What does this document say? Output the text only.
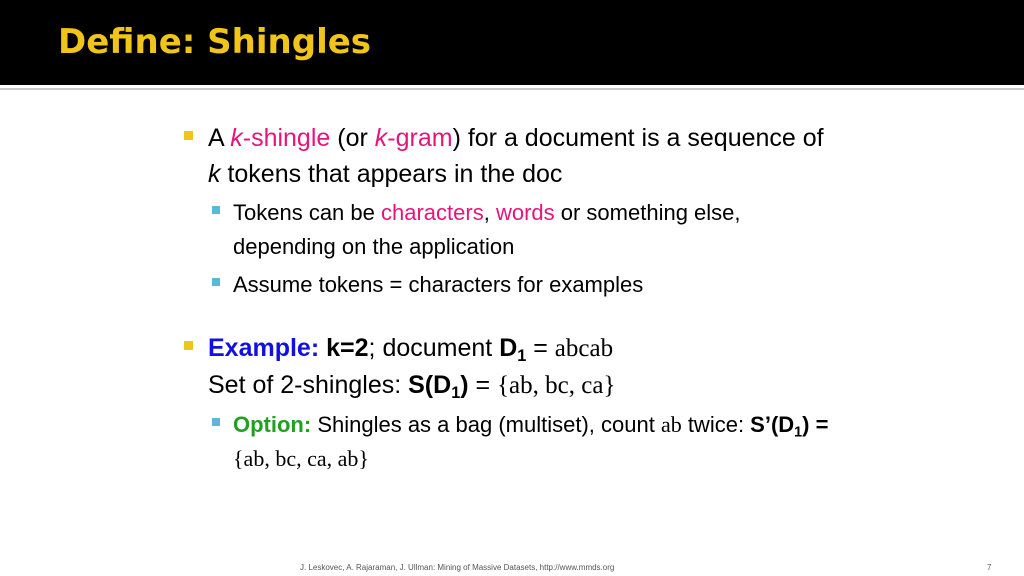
Define: Shingles
A k-shingle (or k-gram) for a document is a sequence of k tokens that appears in the doc
Tokens can be characters, words or something else, depending on the application
Assume tokens = characters for examples
Example: k=2; document $D_1$ = abcab
Set of 2-shingles: $S(D_1) = \{ab$, bc, ca}
Option: Shingles as a bag (multiset), count ab twice: $S’(D_1) = \{ab$, bc, ca, ab}
J. Leskovec, A. Rajaraman, J. Ullman: Mining of Massive Datasets, http://www.mmds.org	7
